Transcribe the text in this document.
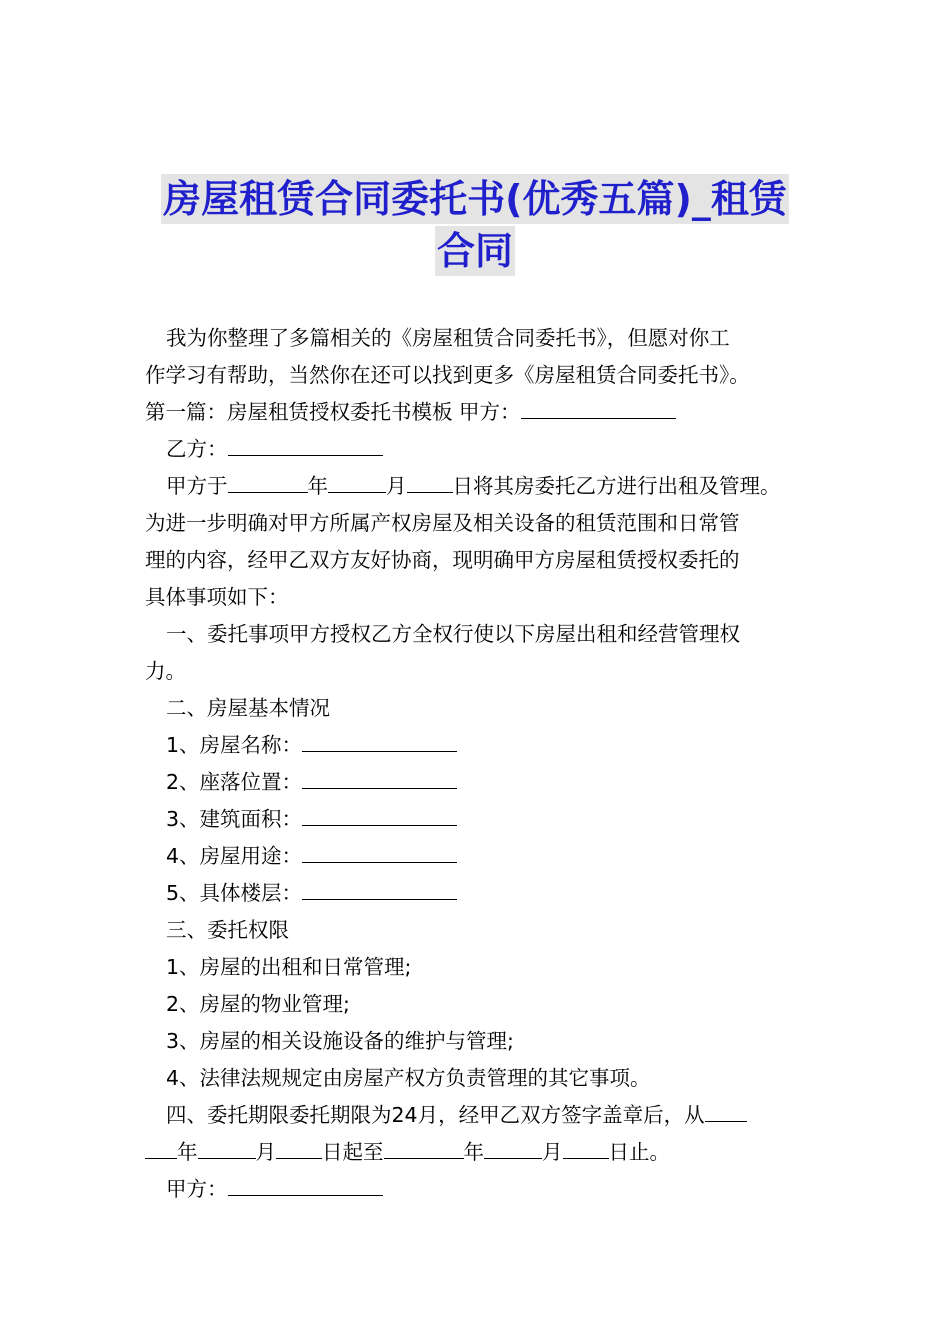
房屋租赁合同委托书(优秀五篇)_租赁
合同

我为你整理了多篇相关的《房屋租赁合同委托书》，但愿对你工

作学习有帮助，当然你在还可以找到更多《房屋租赁合同委托书》。

第一篇：房屋租赁授权委托书模板 甲方：

乙方：

甲方于	年	月 日将其房委托乙方进行出租及管理。

为进一步明确对甲方所属产权房屋及相关设备的租赁范围和日常管

理的内容，经甲乙双方友好协商，现明确甲方房屋租赁授权委托的

具体事项如下：

一、委托事项甲方授权乙方全权行使以下房屋出租和经营管理权

力。

二、房屋基本情况

1、房屋名称：

2、座落位置：

3、建筑面积：

4、房屋用途：

5、具体楼层：

三、委托权限

1、房屋的出租和日常管理;

2、房屋的物业管理;

3、房屋的相关设施设备的维护与管理;

4、法律法规规定由房屋产权方负责管理的其它事项。

四、委托期限委托期限为24月，经甲乙双方签字盖章后，从

年	月 日起至	年	月 日止。

甲方：
